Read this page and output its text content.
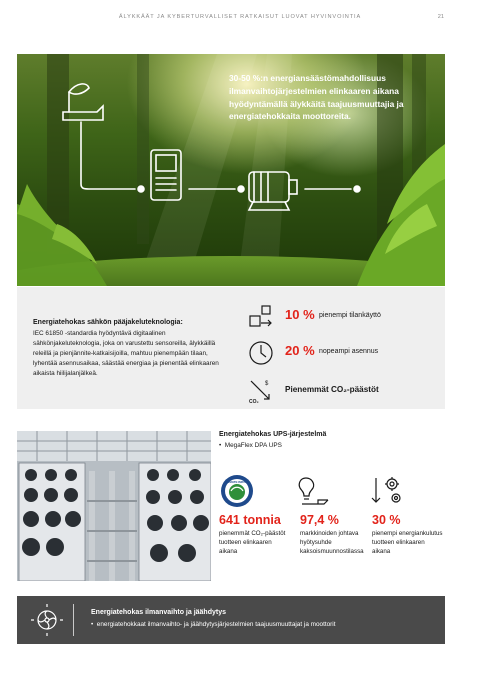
ÄLYKKÄÄT JA KYBERTURVALLISET RATKAISUT LUOVAT HYVINVOINTIA	21
30-50 %:n energiansäästömahdollisuus ilmanvaihtojärjestelmien elinkaaren aikana hyödyntämällä älykkäitä taajuusmuuttajia ja energiatehokkaita moottoreita.
Energiatehokas sähkön pääjakeluteknologia:
IEC 61850 -standardia hyödyntävä digitaalinen sähkönjakeluteknologia, joka on varustettu sensoreilla, älykkäillä releillä ja pienjännite-katkaisijoilla, mahtuu pienempään tilaan, lyhentää asennusaikaa, säästää energiaa ja pienentää elinkaaren aikaista hiilijalanjälkeä.
10 % pienempi tilankäyttö
20 % nopeampi asennus
$
CO₂
Pienemmät CO₂-päästöt
Energiatehokas UPS-järjestelmä
•  MegaFlex DPA UPS
CLIMATE IMPACT
641 tonnia
pienemmät CO₂-päästöt tuotteen elinkaaren aikana
97,4 %
markkinoiden johtava hyötysuhde kaksoismuunnostilassa
30 %
pienempi energiankulutus tuotteen elinkaaren aikana
Energiatehokas ilmanvaihto ja jäähdytys
•  energiatehokkaat ilmanvaihto- ja jäähdytysjärjestelmien taajuusmuuttajat ja moottorit
